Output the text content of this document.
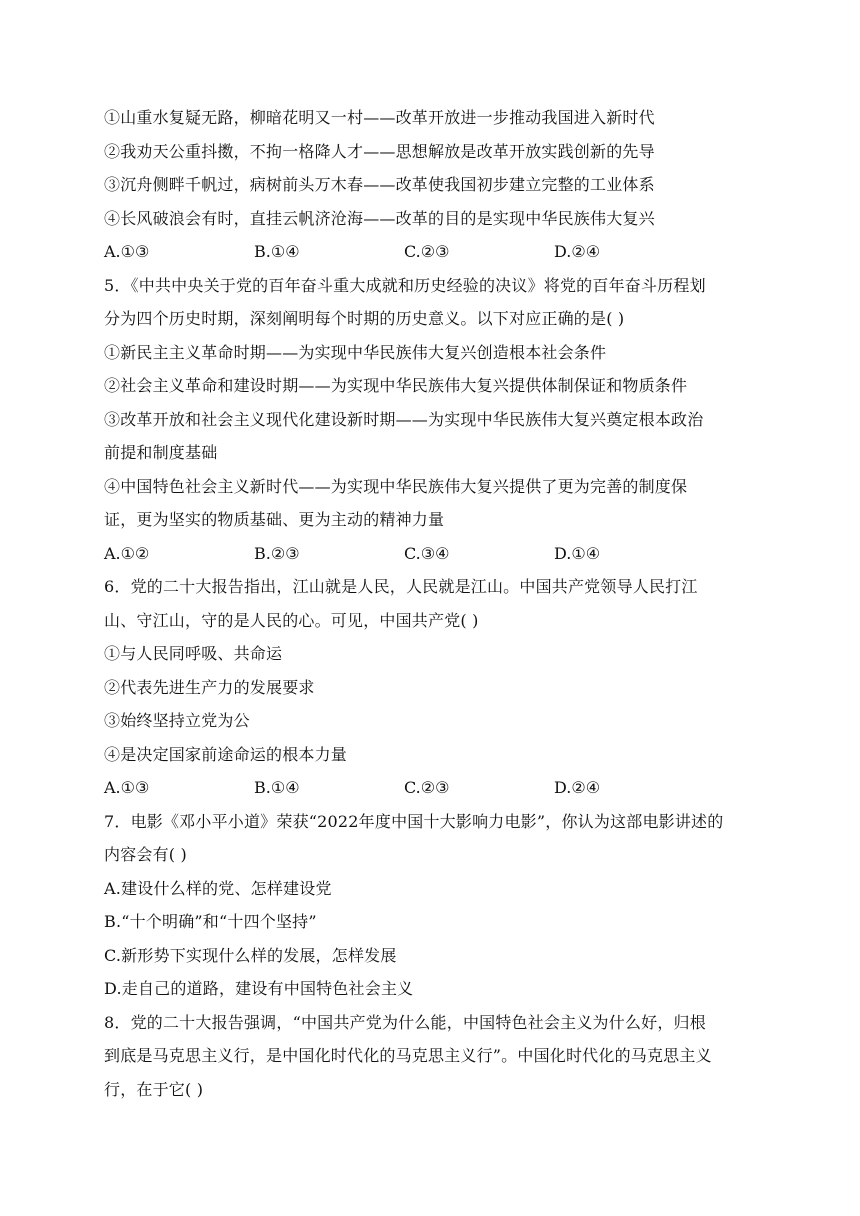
①山重水复疑无路，柳暗花明又一村——改革开放进一步推动我国进入新时代
②我劝天公重抖擞，不拘一格降人才——思想解放是改革开放实践创新的先导
③沉舟侧畔千帆过，病树前头万木春——改革使我国初步建立完整的工业体系
④长风破浪会有时，直挂云帆济沧海——改革的目的是实现中华民族伟大复兴
A.①③	B.①④	C.②③	D.②④
5．《中共中央关于党的百年奋斗重大成就和历史经验的决议》将党的百年奋斗历程划
分为四个历史时期，深刻阐明每个时期的历史意义。以下对应正确的是( )
①新民主主义革命时期——为实现中华民族伟大复兴创造根本社会条件
②社会主义革命和建设时期——为实现中华民族伟大复兴提供体制保证和物质条件
③改革开放和社会主义现代化建设新时期——为实现中华民族伟大复兴奠定根本政治
前提和制度基础
④中国特色社会主义新时代——为实现中华民族伟大复兴提供了更为完善的制度保
证，更为坚实的物质基础、更为主动的精神力量
A.①②	B.②③	C.③④	D.①④
6．党的二十大报告指出，江山就是人民，人民就是江山。中国共产党领导人民打江
山、守江山，守的是人民的心。可见，中国共产党( )
①与人民同呼吸、共命运
②代表先进生产力的发展要求
③始终坚持立党为公
④是决定国家前途命运的根本力量
A.①③	B.①④	C.②③	D.②④
7．电影《邓小平小道》荣获“2022年度中国十大影响力电影”，你认为这部电影讲述的
内容会有( )
A.建设什么样的党、怎样建设党
B.“十个明确”和“十四个坚持”
C.新形势下实现什么样的发展，怎样发展
D.走自己的道路，建设有中国特色社会主义
8．党的二十大报告强调，“中国共产党为什么能，中国特色社会主义为什么好，归根
到底是马克思主义行，是中国化时代化的马克思主义行”。中国化时代化的马克思主义
行，在于它( )
